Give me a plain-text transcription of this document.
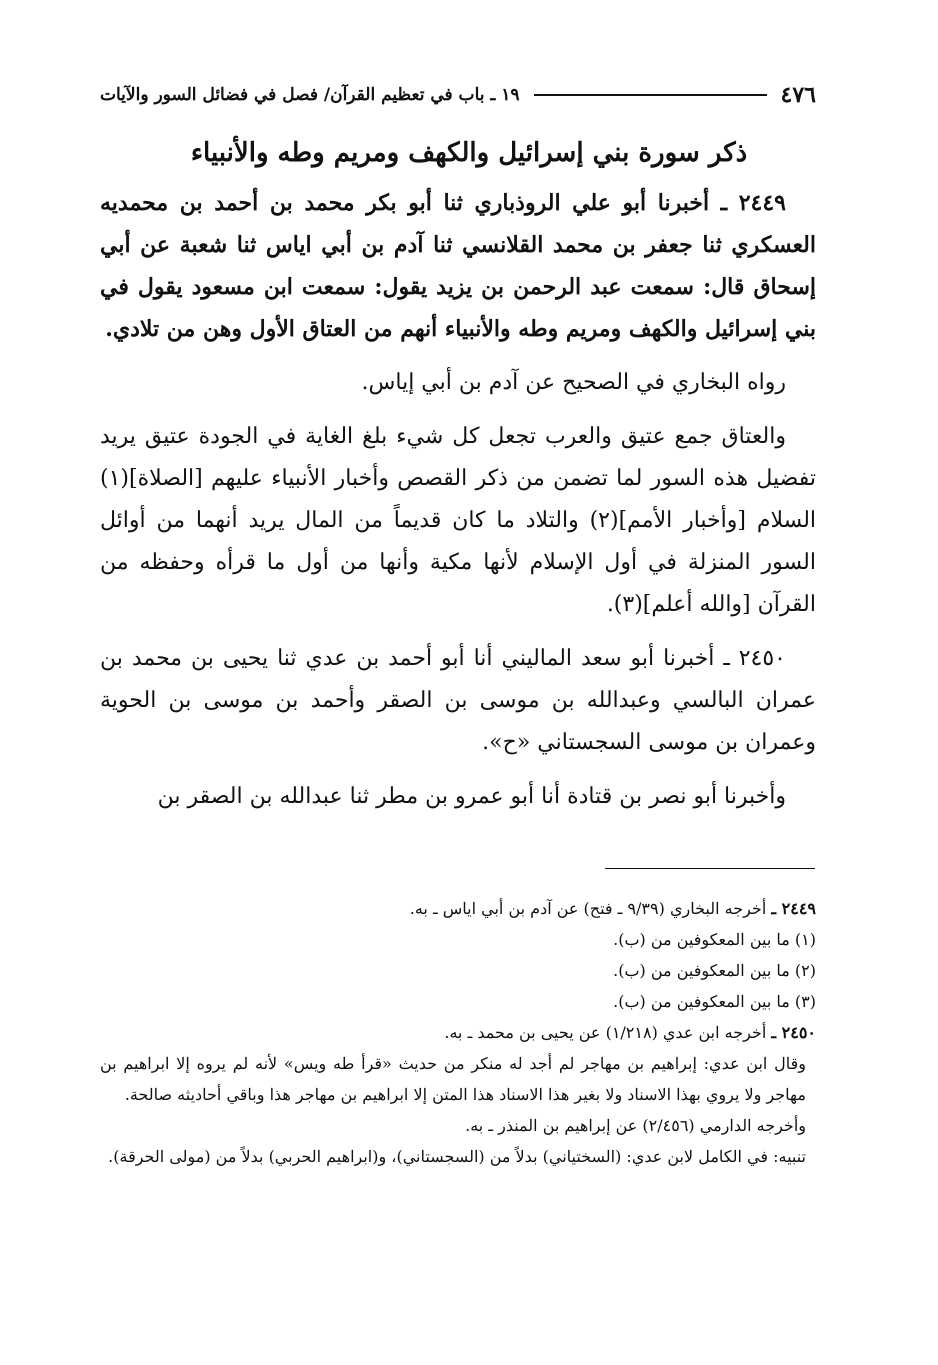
٤٧٦
١٩ ـ باب في تعظيم القرآن/ فصل في فضائل السور والآيات
ذكر سورة بني إسرائيل والكهف ومريم وطه والأنبياء

٢٤٤٩ ـ أخبرنا أبو علي الروذباري ثنا أبو بكر محمد بن أحمد بن محمديه العسكري ثنا جعفر بن محمد القلانسي ثنا آدم بن أبي اياس ثنا شعبة عن أبي إسحاق قال: سمعت عبد الرحمن بن يزيد يقول: سمعت ابن مسعود يقول في بني إسرائيل والكهف ومريم وطه والأنبياء أنهم من العتاق الأول وهن من تلادي.

رواه البخاري في الصحيح عن آدم بن أبي إياس.

والعتاق جمع عتيق والعرب تجعل كل شيء بلغ الغاية في الجودة عتيق يريد تفضيل هذه السور لما تضمن من ذكر القصص وأخبار الأنبياء عليهم [الصلاة](١) السلام [وأخبار الأمم](٢) والتلاد ما كان قديماً من المال يريد أنهما من أوائل السور المنزلة في أول الإسلام لأنها مكية وأنها من أول ما قرأه وحفظه من القرآن [والله أعلم](٣).

٢٤٥٠ ـ أخبرنا أبو سعد الماليني أنا أبو أحمد بن عدي ثنا يحيى بن محمد بن عمران البالسي وعبدالله بن موسى بن الصقر وأحمد بن موسى بن الحوية وعمران بن موسى السجستاني «ح».

وأخبرنا أبو نصر بن قتادة أنا أبو عمرو بن مطر ثنا عبدالله بن الصقر بن

٢٤٤٩ ـ أخرجه البخاري (٩/٣٩ ـ فتح) عن آدم بن أبي اياس ـ به.

(١) ما بين المعكوفين من (ب).

(٢) ما بين المعكوفين من (ب).

(٣) ما بين المعكوفين من (ب).

٢٤٥٠ ـ أخرجه ابن عدي (١/٢١٨) عن يحيى بن محمد ـ به.

وقال ابن عدي: إبراهيم بن مهاجر لم أجد له منكر من حديث «قرأ طه ويس» لأنه لم يروه إلا ابراهيم بن مهاجر ولا يروي بهذا الاسناد ولا بغير هذا الاسناد هذا المتن إلا ابراهيم بن مهاجر هذا وباقي أحاديثه صالحة.

وأخرجه الدارمي (٢/٤٥٦) عن إبراهيم بن المنذر ـ به.

تنبيه: في الكامل لابن عدي: (السختياني) بدلاً من (السجستاني)، و(ابراهيم الحربي) بدلاً من (مولى الحرقة).
